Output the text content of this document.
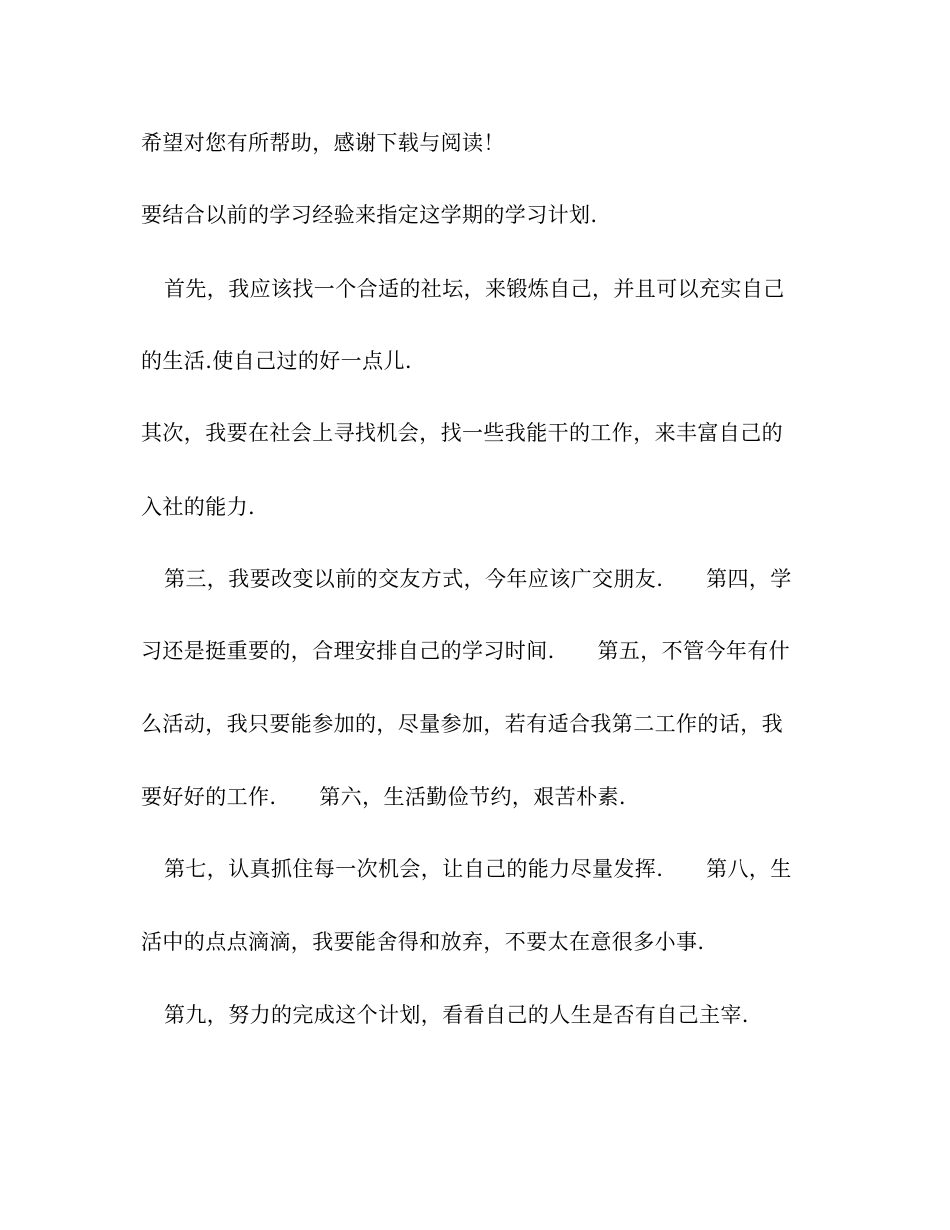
希望对您有所帮助，感谢下载与阅读！
要结合以前的学习经验来指定这学期的学习计划.
首先，我应该找一个合适的社坛，来锻炼自己，并且可以充实自己
的生活.使自己过的好一点儿.
其次，我要在社会上寻找机会，找一些我能干的工作，来丰富自己的
入社的能力.
第三，我要改变以前的交友方式，今年应该广交朋友.　　第四，学
习还是挺重要的，合理安排自己的学习时间.　　第五，不管今年有什
么活动，我只要能参加的，尽量参加，若有适合我第二工作的话，我
要好好的工作.　　第六，生活勤俭节约，艰苦朴素.
第七，认真抓住每一次机会，让自己的能力尽量发挥.　　第八，生
活中的点点滴滴，我要能舍得和放弃，不要太在意很多小事.
第九，努力的完成这个计划，看看自己的人生是否有自己主宰.
